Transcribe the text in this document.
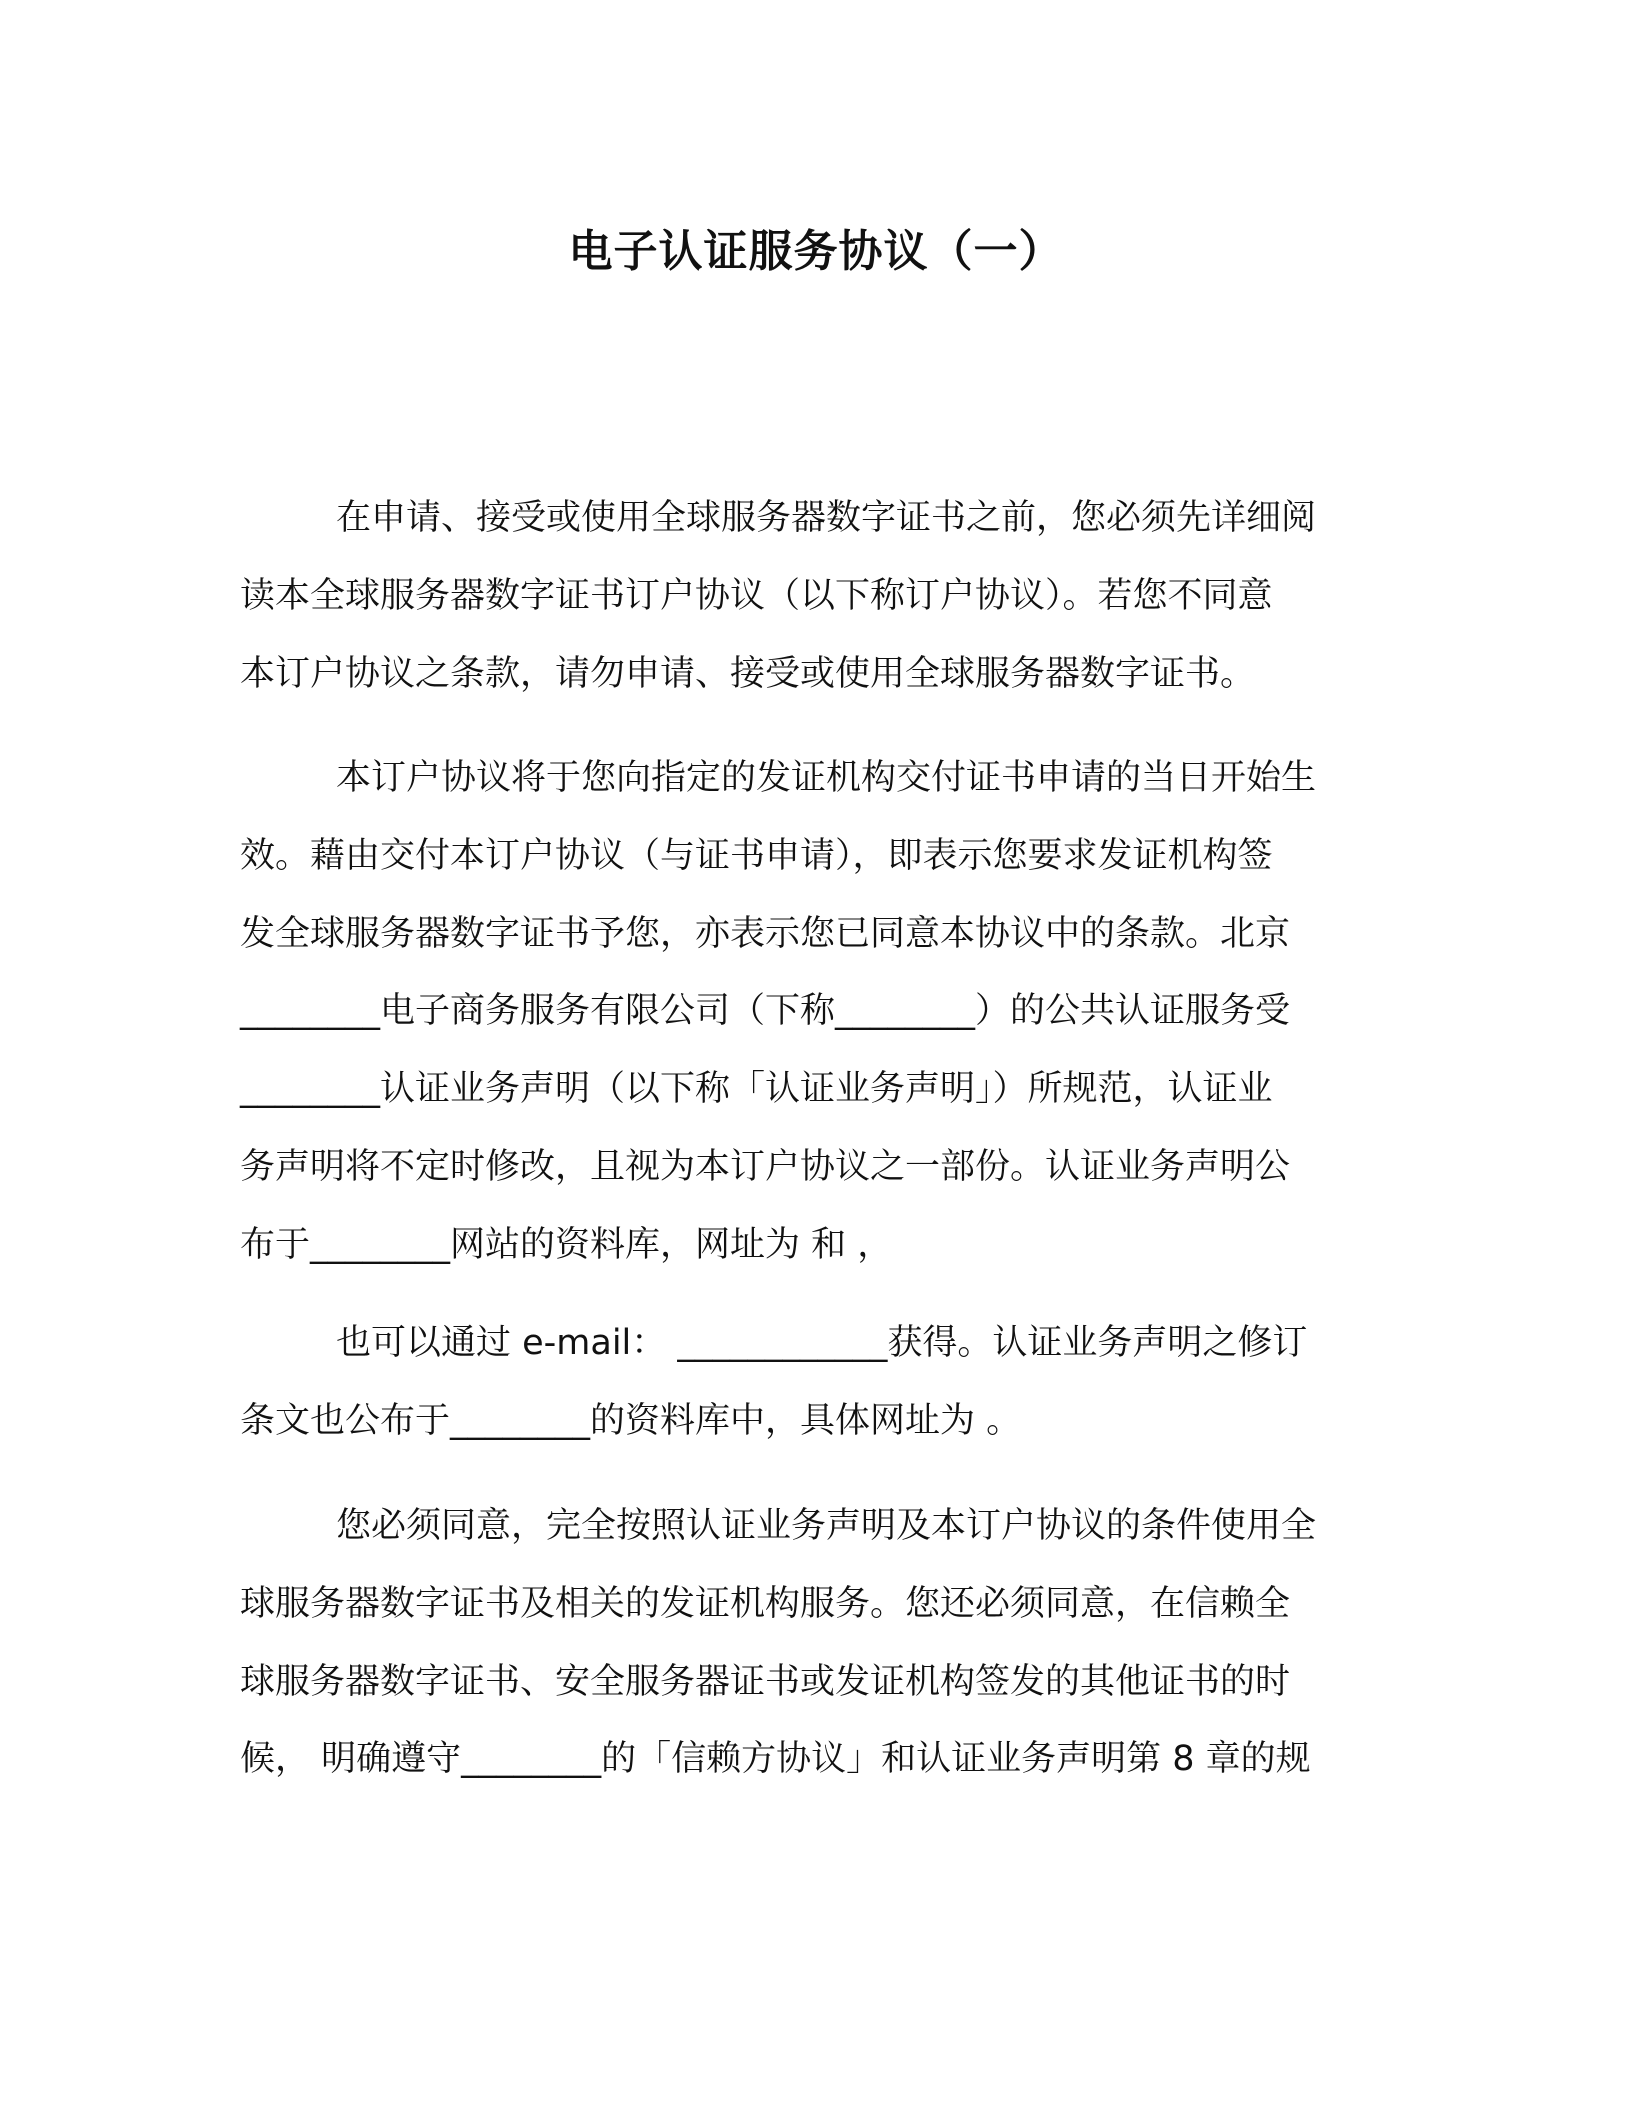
电子认证服务协议（一）
在申请、接受或使用全球服务器数字证书之前，您必须先详细阅
读本全球服务器数字证书订户协议（以下称订户协议）。若您不同意
本订户协议之条款，请勿申请、接受或使用全球服务器数字证书。
本订户协议将于您向指定的发证机构交付证书申请的当日开始生
效。藉由交付本订户协议（与证书申请），即表示您要求发证机构签
发全球服务器数字证书予您，亦表示您已同意本协议中的条款。北京
________电子商务服务有限公司（下称________）的公共认证服务受
________认证业务声明（以下称「认证业务声明」）所规范，认证业
务声明将不定时修改，且视为本订户协议之一部份。认证业务声明公
布于________网站的资料库，网址为 和 ，
也可以通过 e-mail： ____________获得。认证业务声明之修订
条文也公布于________的资料库中，具体网址为 。
您必须同意，完全按照认证业务声明及本订户协议的条件使用全
球服务器数字证书及相关的发证机构服务。您还必须同意，在信赖全
球服务器数字证书、安全服务器证书或发证机构签发的其他证书的时
候， 明确遵守________的「信赖方协议」和认证业务声明第 8 章的规
